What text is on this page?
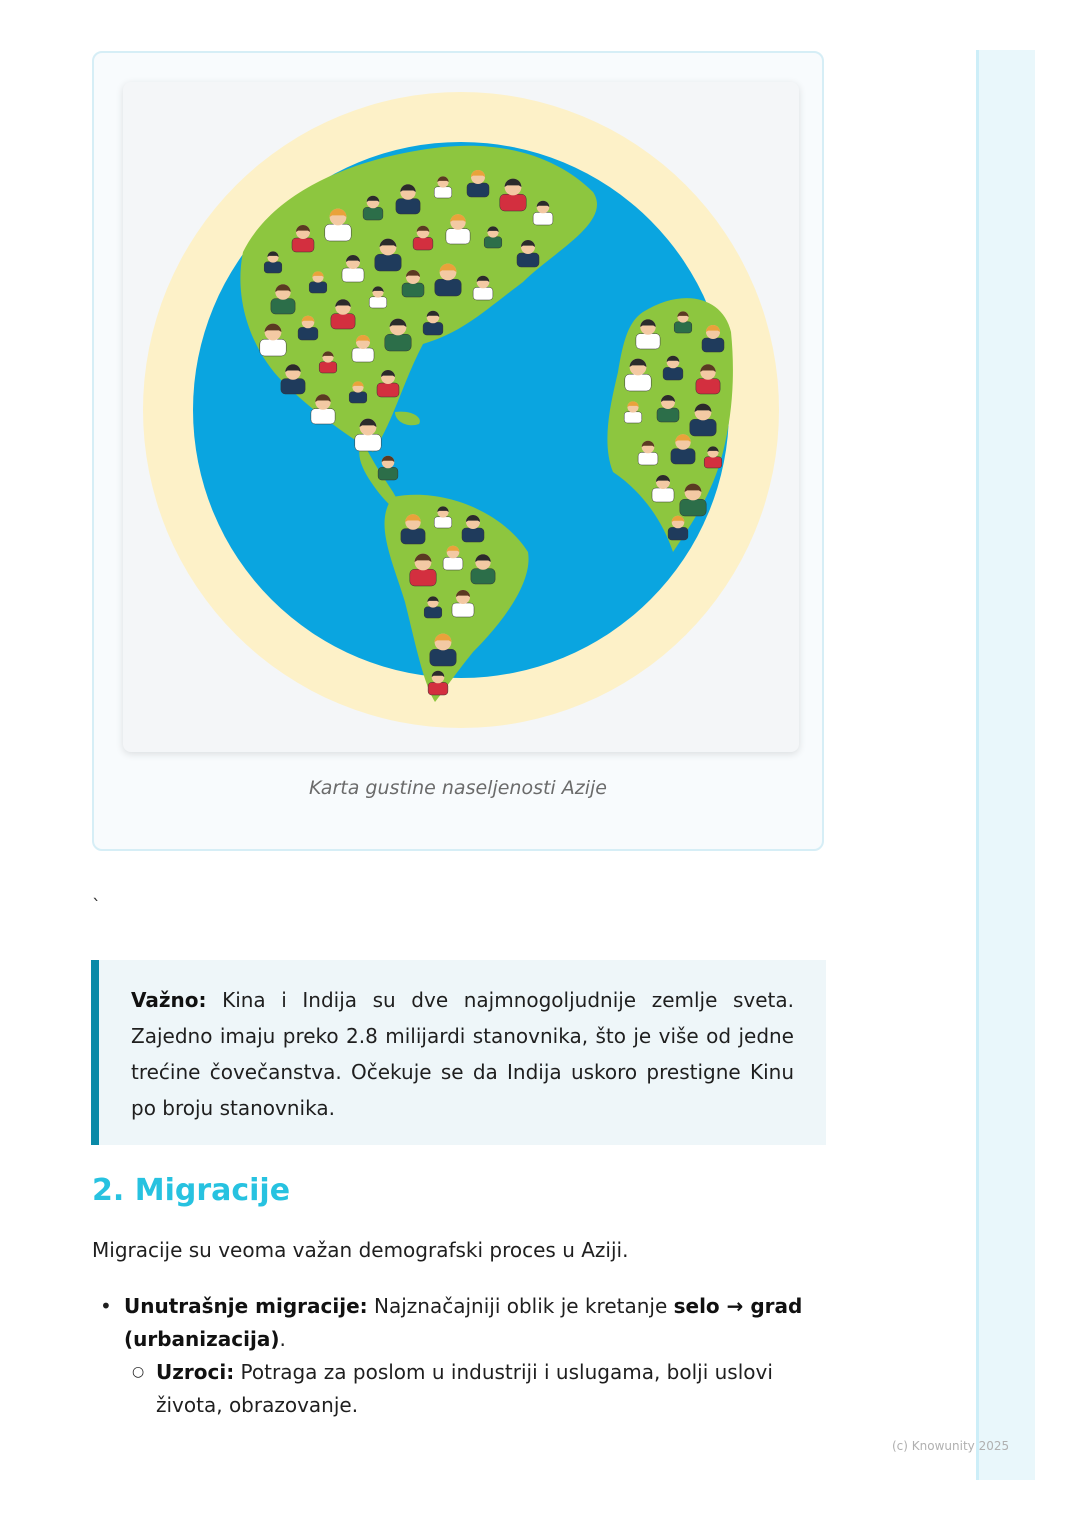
Karta gustine naseljenosti Azije
`
Važno: Kina i Indija su dve najmnogoljudnije zemlje sveta. Zajedno imaju preko 2.8 milijardi stanovnika, što je više od jedne trećine čovečanstva. Očekuje se da Indija uskoro prestigne Kinu po broju stanovnika.
2. Migracije
Migracije su veoma važan demografski proces u Aziji.
• Unutrašnje migracije: Najznačajniji oblik je kretanje selo → grad (urbanizacija).
○ Uzroci: Potraga za poslom u industriji i uslugama, bolji uslovi života, obrazovanje.
(c) Knowunity 2025
